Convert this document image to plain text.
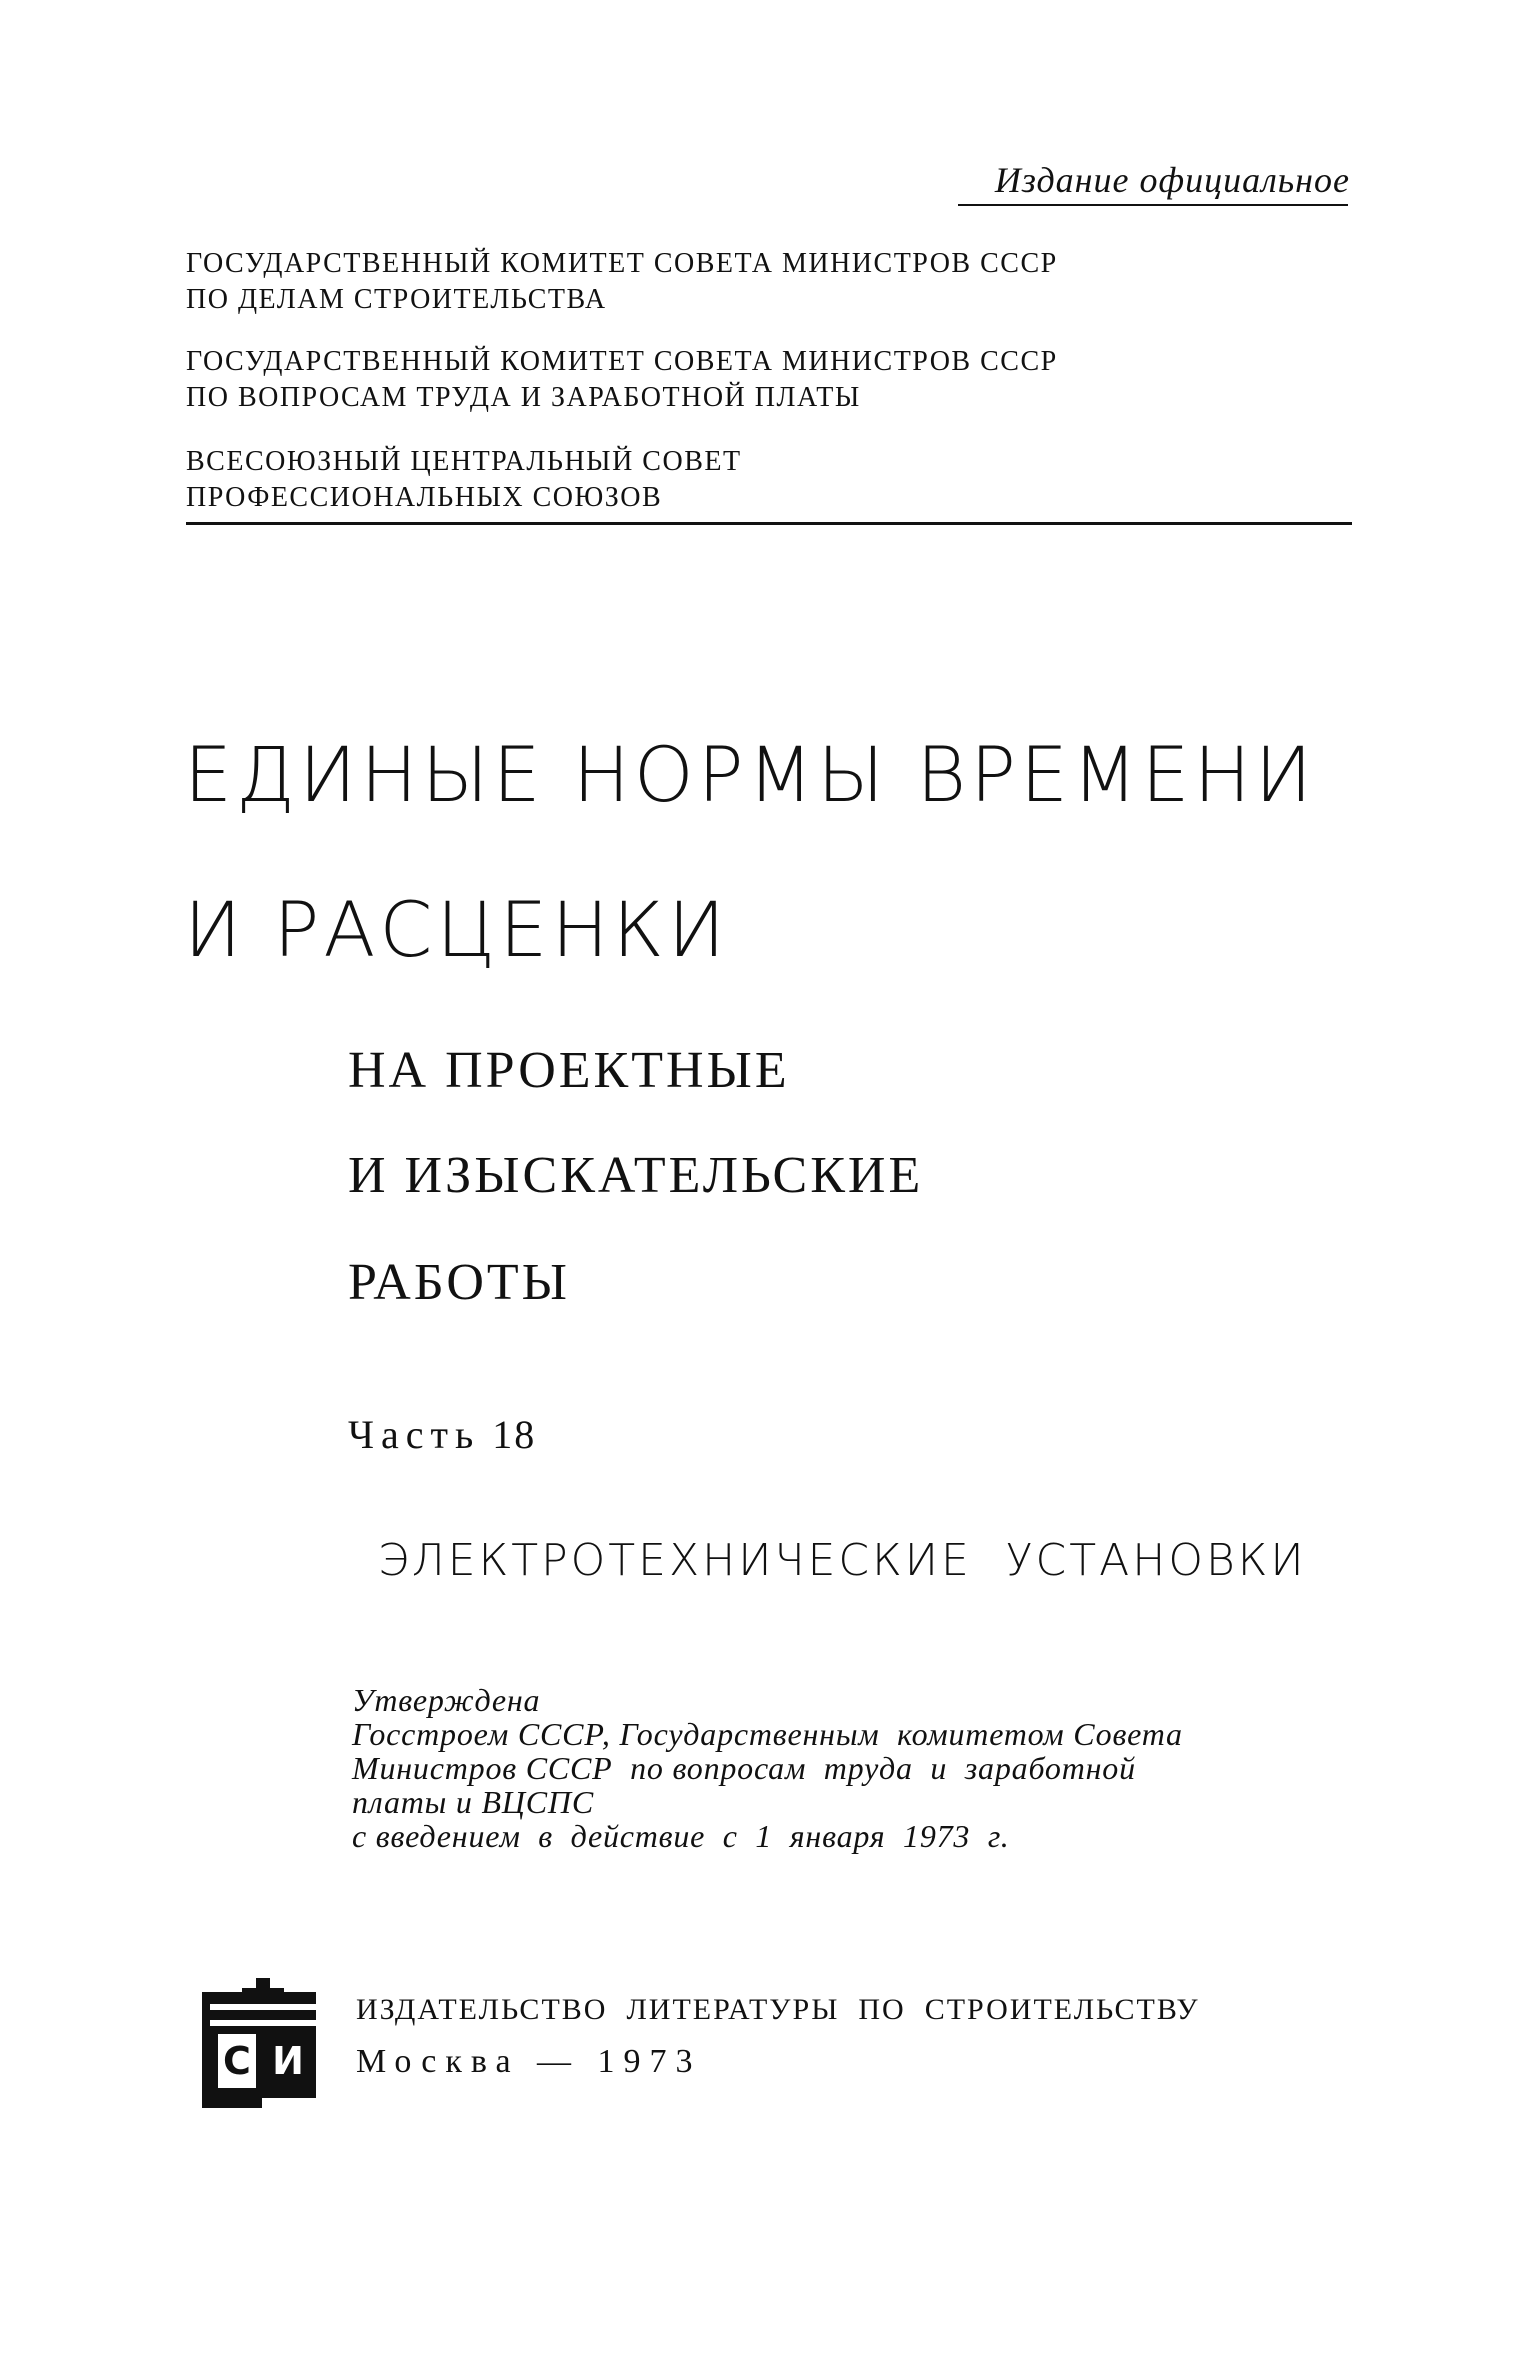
Издание официальное
ГОСУДАРСТВЕННЫЙ КОМИТЕТ СОВЕТА МИНИСТРОВ СССР
ПО ДЕЛАМ СТРОИТЕЛЬСТВА
ГОСУДАРСТВЕННЫЙ КОМИТЕТ СОВЕТА МИНИСТРОВ СССР
ПО ВОПРОСАМ ТРУДА И ЗАРАБОТНОЙ ПЛАТЫ
ВСЕСОЮЗНЫЙ ЦЕНТРАЛЬНЫЙ СОВЕТ
ПРОФЕССИОНАЛЬНЫХ СОЮЗОВ
ЕДИНЫЕ НОРМЫ ВРЕМЕНИ
И РАСЦЕНКИ
НА ПРОЕКТНЫЕ
И ИЗЫСКАТЕЛЬСКИЕ
РАБОТЫ
Часть 18
ЭЛЕКТРОТЕХНИЧЕСКИЕ  УСТАНОВКИ
Утверждена
Госстроем СССР, Государственным  комитетом Совета
Министров СССР  по вопросам  труда  и  заработной
платы и ВЦСПС
с введением  в  действие  с  1  января  1973  г.
С И
ИЗДАТЕЛЬСТВО  ЛИТЕРАТУРЫ  ПО  СТРОИТЕЛЬСТВУ
Москва — 1973
